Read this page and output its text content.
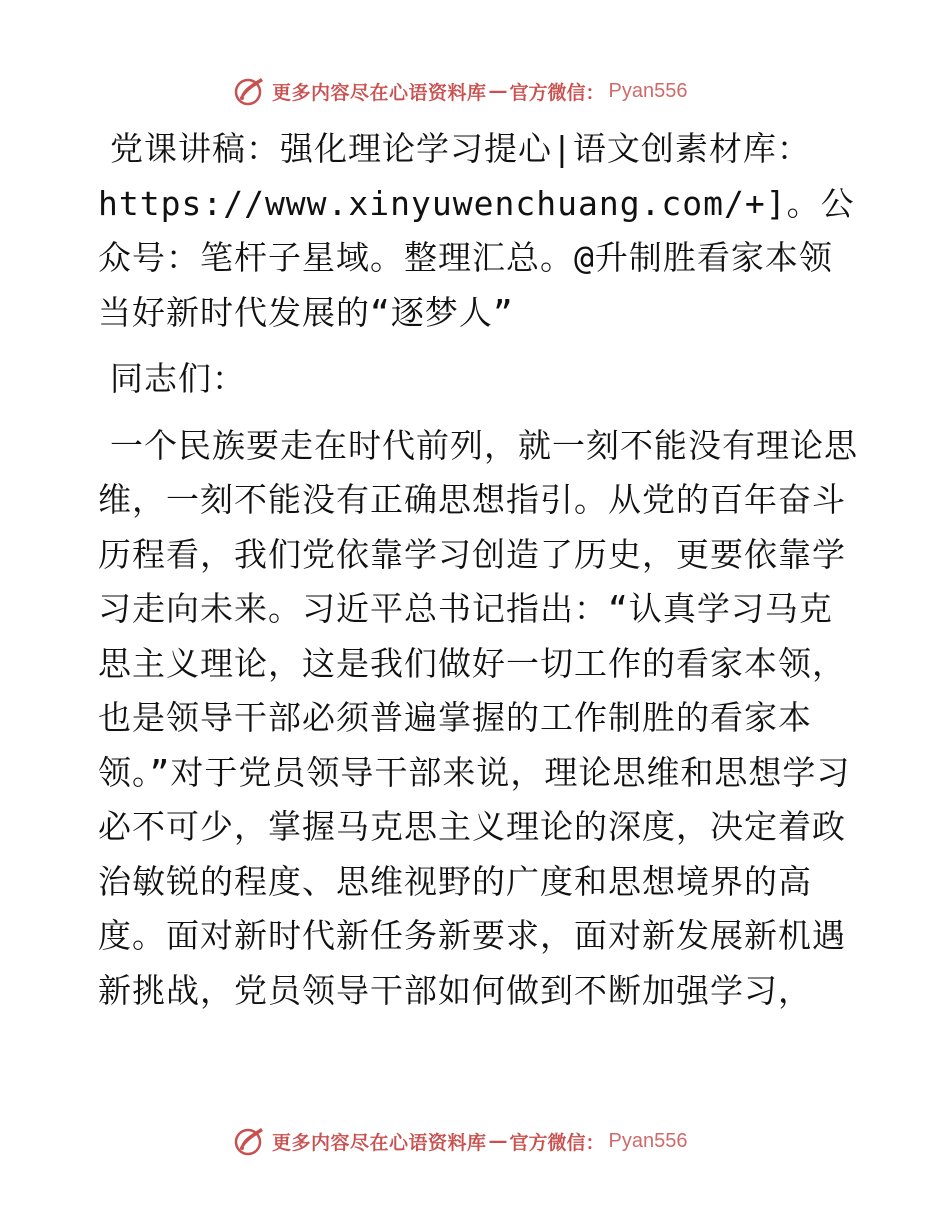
更多内容尽在心语资料库 — 官方微信： Pyan556

党课讲稿：强化理论学习提心|语文创素材库：https://www.xinyuwenchuang.com/+]。公众号：笔杆子星域。整理汇总。@升制胜看家本领当好新时代发展的“逐梦人”

同志们：

一个民族要走在时代前列，就一刻不能没有理论思维，一刻不能没有正确思想指引。从党的百年奋斗历程看，我们党依靠学习创造了历史，更要依靠学习走向未来。习近平总书记指出：“认真学习马克思主义理论，这是我们做好一切工作的看家本领，也是领导干部必须普遍掌握的工作制胜的看家本领。”对于党员领导干部来说，理论思维和思想学习必不可少，掌握马克思主义理论的深度，决定着政治敏锐的程度、思维视野的广度和思想境界的高度。面对新时代新任务新要求，面对新发展新机遇新挑战，党员领导干部如何做到不断加强学习，

更多内容尽在心语资料库 — 官方微信： Pyan556
